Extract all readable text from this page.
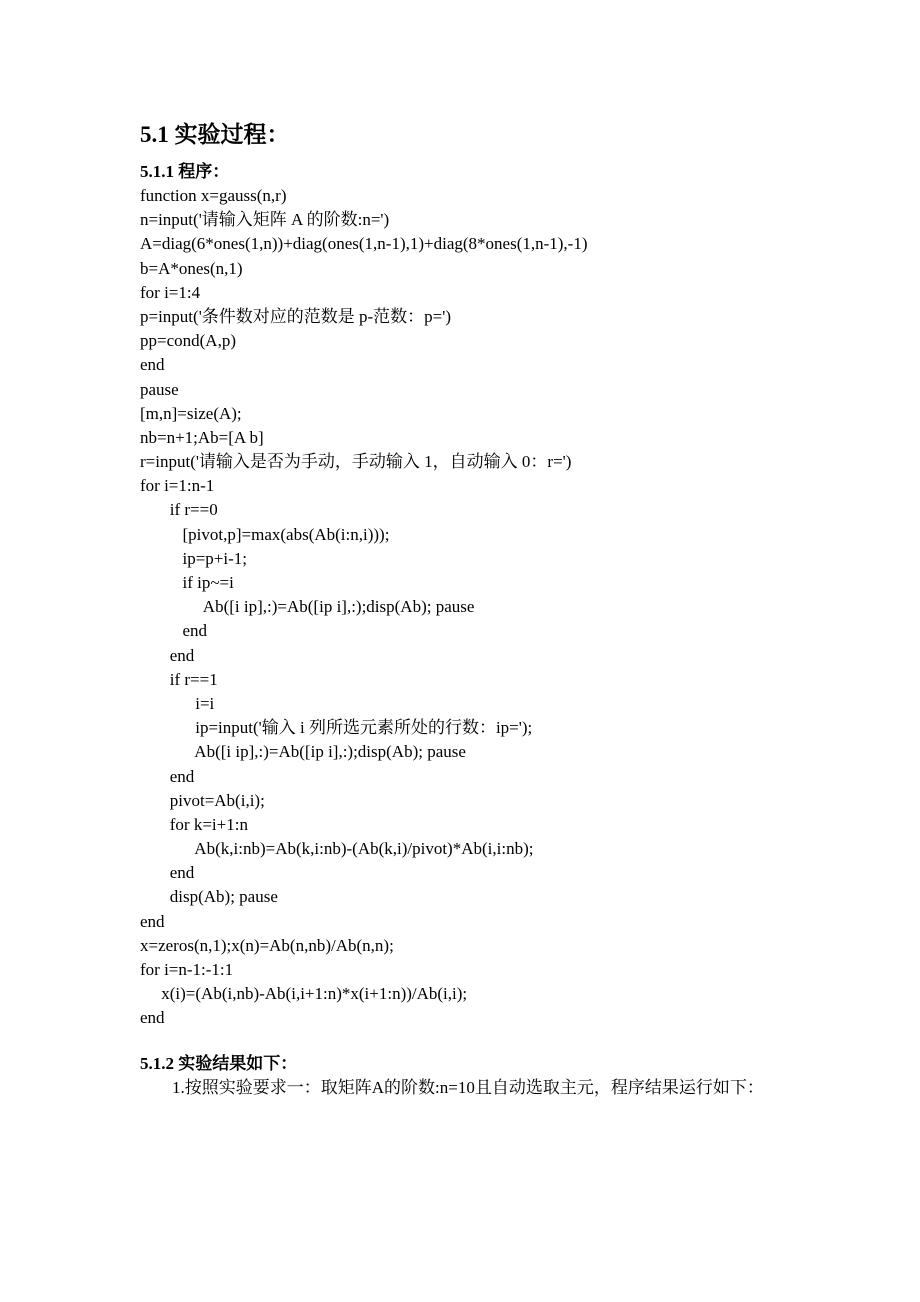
5.1 实验过程：
5.1.1 程序：
function x=gauss(n,r)
n=input('请输入矩阵 A 的阶数:n=')
A=diag(6*ones(1,n))+diag(ones(1,n-1),1)+diag(8*ones(1,n-1),-1)
b=A*ones(n,1)
for i=1:4
p=input('条件数对应的范数是 p-范数：p=')
pp=cond(A,p)
end
pause
[m,n]=size(A);
nb=n+1;Ab=[A b]
r=input('请输入是否为手动，手动输入 1，自动输入 0：r=')
for i=1:n-1
if r==0
[pivot,p]=max(abs(Ab(i:n,i)));
ip=p+i-1;
if ip~=i
Ab([i ip],:)=Ab([ip i],:);disp(Ab); pause
end
end
if r==1
i=i
ip=input('输入 i 列所选元素所处的行数：ip=');
Ab([i ip],:)=Ab([ip i],:);disp(Ab); pause
end
pivot=Ab(i,i);
for k=i+1:n
Ab(k,i:nb)=Ab(k,i:nb)-(Ab(k,i)/pivot)*Ab(i,i:nb);
end
disp(Ab); pause
end
x=zeros(n,1);x(n)=Ab(n,nb)/Ab(n,n);
for i=n-1:-1:1
x(i)=(Ab(i,nb)-Ab(i,i+1:n)*x(i+1:n))/Ab(i,i);
end
5.1.2 实验结果如下：

1.按照实验要求一：取矩阵A的阶数:n=10且自动选取主元，程序结果运行如下：
